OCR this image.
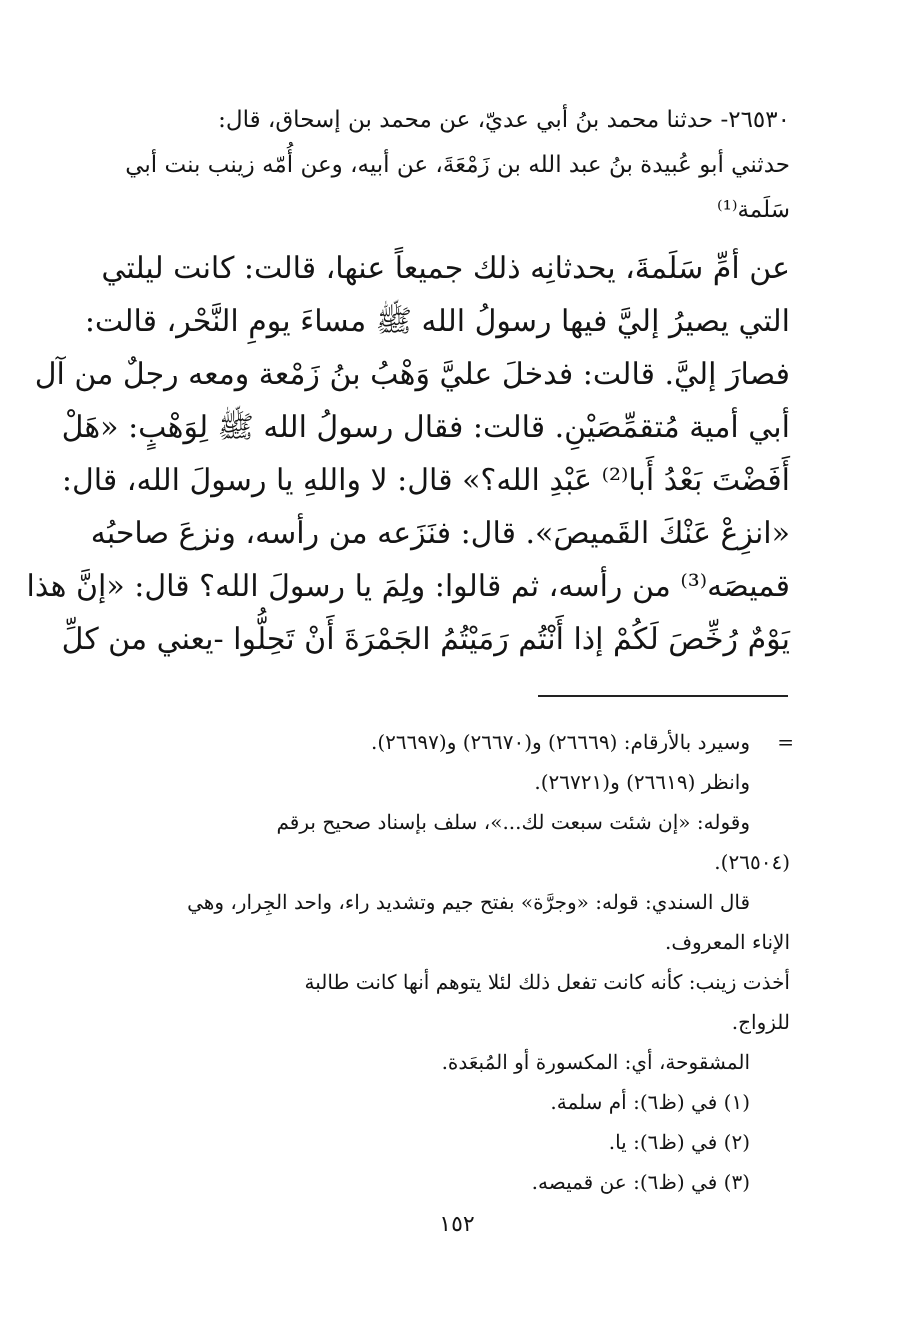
٢٦٥٣٠- حدثنا محمد بنُ أبي عديّ، عن محمد بن إسحاق، قال:
حدثني أبو عُبيدة بنُ عبد الله بن زَمْعَةَ، عن أبيه، وعن أُمّه زينب بنت أبي
سَلَمة⁽¹⁾
عن أمِّ سَلَمةَ، يحدثانِه ذلك جميعاً عنها، قالت: كانت ليلتي
التي يصيرُ إليَّ فيها رسولُ الله ﷺ مساءَ يومِ النَّحْر، قالت:
فصارَ إليَّ. قالت: فدخلَ عليَّ وَهْبُ بنُ زَمْعة ومعه رجلٌ من آل
أبي أمية مُتقمِّصَيْنِ. قالت: فقال رسولُ الله ﷺ لِوَهْبٍ: «هَلْ
أَفَضْتَ بَعْدُ أَبا⁽²⁾ عَبْدِ الله؟» قال: لا واللهِ يا رسولَ الله، قال:
«انزِعْ عَنْكَ القَميصَ». قال: فنَزَعه من رأسه، ونزعَ صاحبُه
قميصَه⁽³⁾ من رأسه، ثم قالوا: ولِمَ يا رسولَ الله؟ قال: «إنَّ هذا
يَوْمٌ رُخِّصَ لَكُمْ إذا أَنْتُم رَمَيْتُمُ الجَمْرَةَ أَنْ تَحِلُّوا -يعني من كلِّ
=
وسيرد بالأرقام: (٢٦٦٦٩) و(٢٦٦٧٠) و(٢٦٦٩٧).
وانظر (٢٦٦١٩) و(٢٦٧٢١).
وقوله: «إن شئت سبعت لك...»، سلف بإسناد صحيح برقم
(٢٦٥٠٤).
قال السندي: قوله: «وجرَّة» بفتح جيم وتشديد راء، واحد الجِرار، وهي
الإناء المعروف.
أخذت زينب: كأنه كانت تفعل ذلك لئلا يتوهم أنها كانت طالبة
للزواج.
المشقوحة، أي: المكسورة أو المُبعَدة.
(١) في (ظ٦): أم سلمة.
(٢) في (ظ٦): يا.
(٣) في (ظ٦): عن قميصه.
١٥٢
